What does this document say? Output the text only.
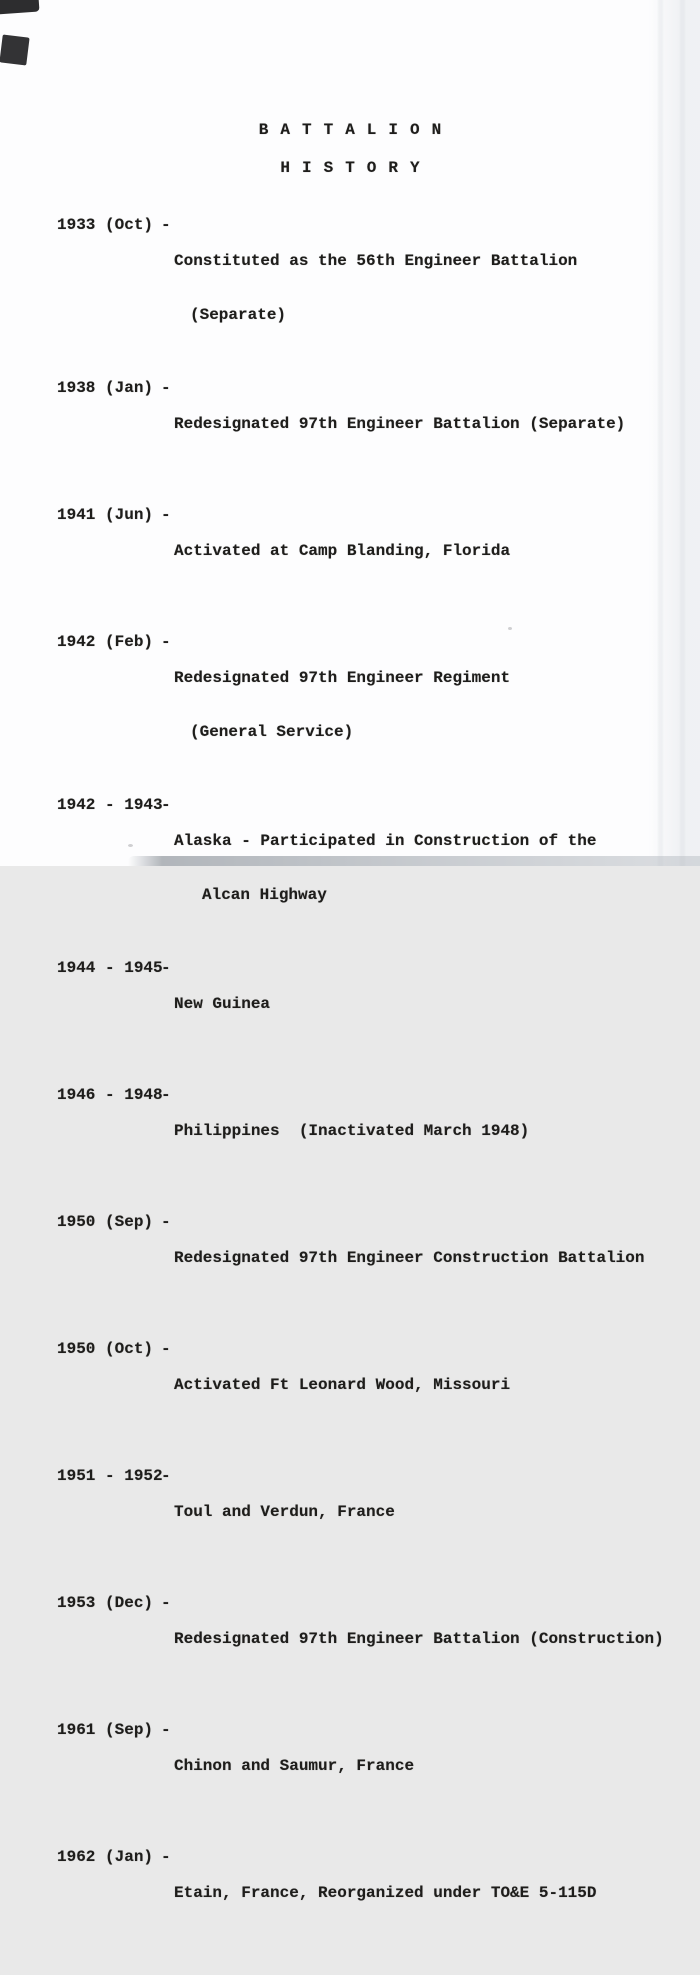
BATTALION
HISTORY
1933 (Oct) -

Constituted as the 56th Engineer Battalion

(Separate)

1938 (Jan) -

Redesignated 97th Engineer Battalion (Separate)

1941 (Jun) -

Activated at Camp Blanding, Florida

1942 (Feb) -

Redesignated 97th Engineer Regiment

(General Service)

1942 - 1943
-

Alaska - Participated in Construction of the

Alcan Highway

1944 - 1945
-

New Guinea

1946 - 1948
-

Philippines  (Inactivated March 1948)

1950 (Sep) -

Redesignated 97th Engineer Construction Battalion

1950 (Oct) -

Activated Ft Leonard Wood, Missouri

1951 - 1952
-

Toul and Verdun, France

1953 (Dec) -

Redesignated 97th Engineer Battalion (Construction)

1961 (Sep) -

Chinon and Saumur, France

1962 (Jan) -

Etain, France, Reorganized under TO&E 5-115D
